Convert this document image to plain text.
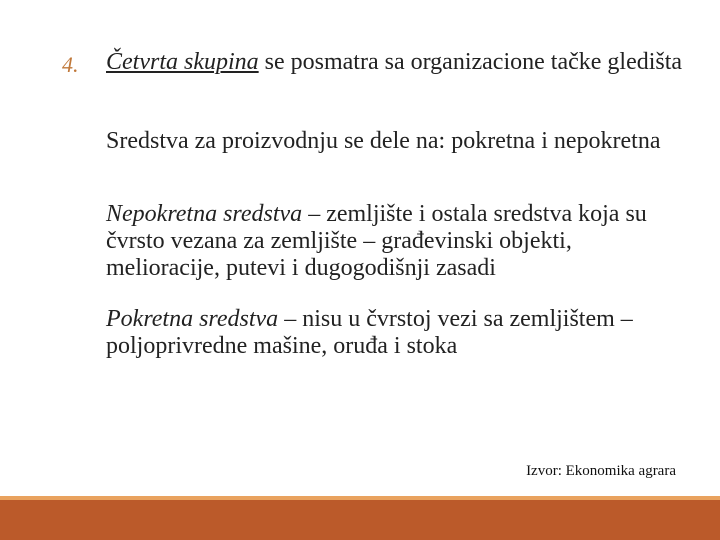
4. Četvrta skupina se posmatra sa organizacione tačke gledišta
Sredstva za proizvodnju se dele na: pokretna i nepokretna
Nepokretna sredstva – zemljište i ostala sredstva koja su čvrsto vezana za zemljište – građevinski objekti, melioracije, putevi i dugogodišnji zasadi
Pokretna sredstva – nisu u čvrstoj vezi sa zemljištem – poljoprivredne mašine, oruđa i stoka
Izvor: Ekonomika agrara
